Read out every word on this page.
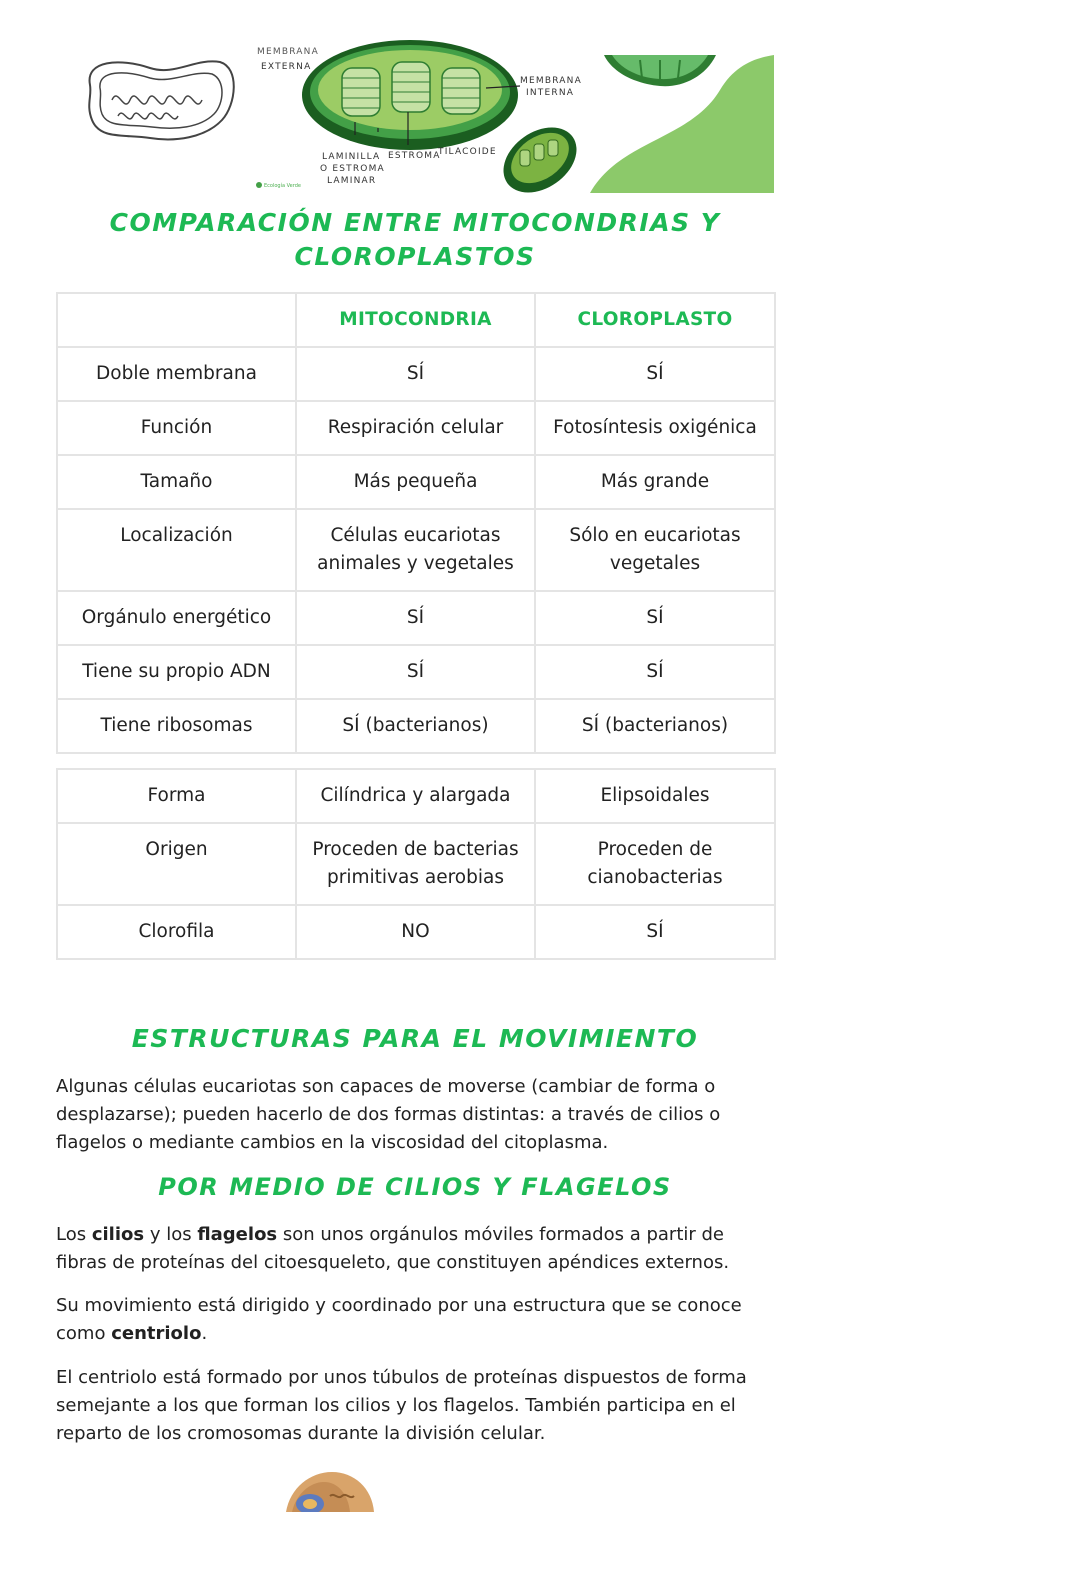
MEMBRANA
EXTERNA
MEMBRANA
INTERNA
LAMINILLA
O ESTROMA
LAMINAR
ESTROMA
TILACOIDE
Ecología Verde
COMPARACIÓN ENTRE MITOCONDRIAS Y
CLOROPLASTOS
	MITOCONDRIA	CLOROPLASTO
Doble membrana	SÍ	SÍ
Función	Respiración celular	Fotosíntesis oxigénica
Tamaño	Más pequeña	Más grande
Localización	Células eucariotas animales y vegetales	Sólo en eucariotas vegetales
Orgánulo energético	SÍ	SÍ
Tiene su propio ADN	SÍ	SÍ
Tiene ribosomas	SÍ (bacterianos)	SÍ (bacterianos)
Forma	Cilíndrica y alargada	Elipsoidales
Origen	Proceden de bacterias primitivas aerobias	Proceden de cianobacterias
Clorofila	NO	SÍ
ESTRUCTURAS PARA EL MOVIMIENTO

Algunas células eucariotas son capaces de moverse (cambiar de forma o desplazarse); pueden hacerlo de dos formas distintas: a través de cilios o flagelos o mediante cambios en la viscosidad del citoplasma.

POR MEDIO DE CILIOS Y FLAGELOS

Los cilios y los flagelos son unos orgánulos móviles formados a partir de fibras de proteínas del citoesqueleto, que constituyen apéndices externos.

Su movimiento está dirigido y coordinado por una estructura que se conoce como centriolo.

El centriolo está formado por unos túbulos de proteínas dispuestos de forma semejante a los que forman los cilios y los flagelos. También participa en el reparto de los cromosomas durante la división celular.
